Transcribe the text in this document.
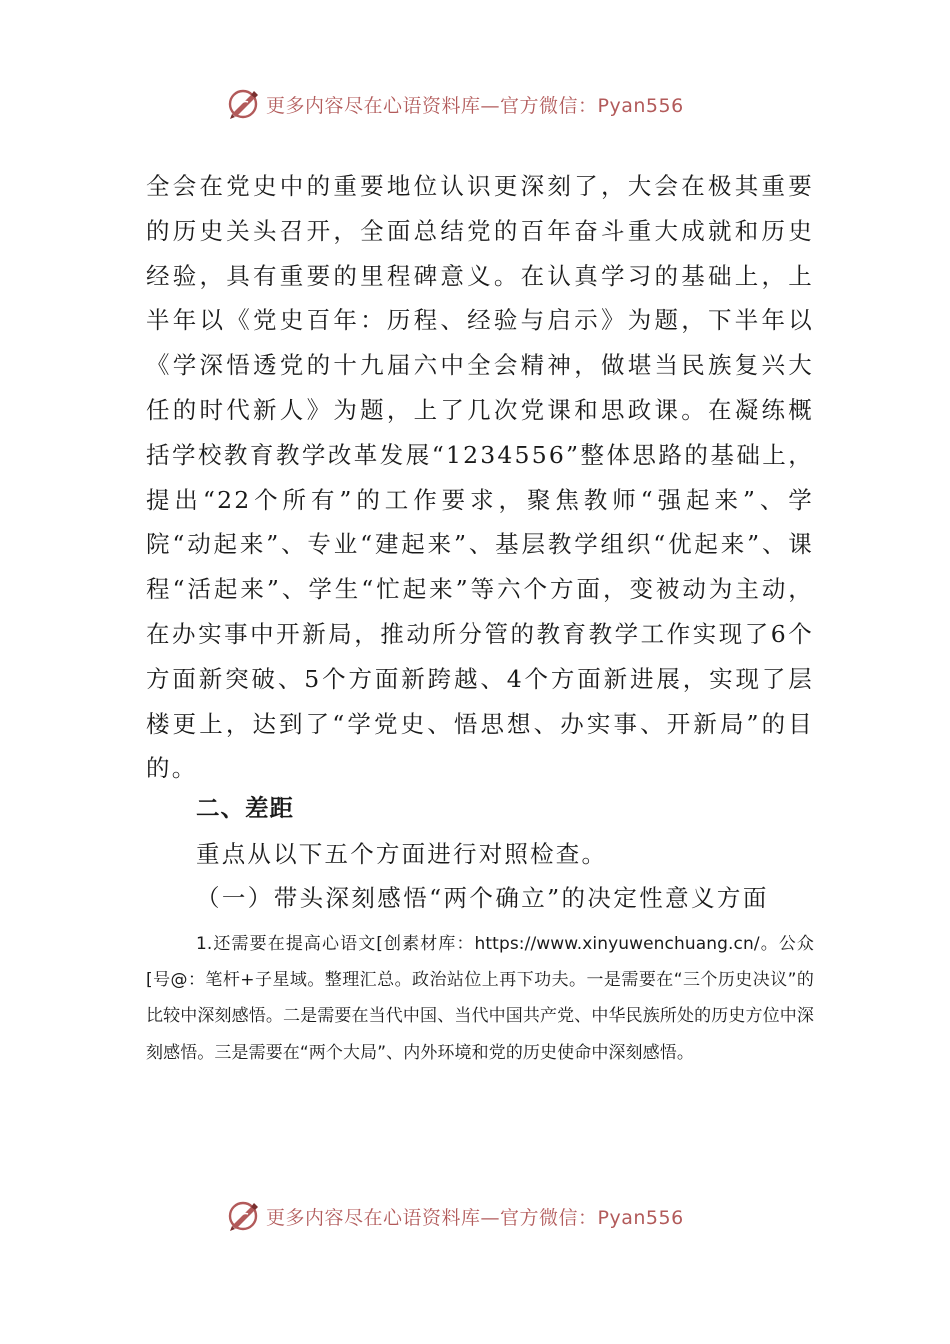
更多内容尽在心语资料库—官方微信：Pyan556

全会在党史中的重要地位认识更深刻了，大会在极其重要的历史关头召开，全面总结党的百年奋斗重大成就和历史经验，具有重要的里程碑意义。在认真学习的基础上，上半年以《党史百年：历程、经验与启示》为题，下半年以《学深悟透党的十九届六中全会精神，做堪当民族复兴大任的时代新人》为题，上了几次党课和思政课。在凝练概括学校教育教学改革发展“1234556”整体思路的基础上，提出“22个所有”的工作要求，聚焦教师“强起来”、学院“动起来”、专业“建起来”、基层教学组织“优起来”、课程“活起来”、学生“忙起来”等六个方面，变被动为主动，在办实事中开新局，推动所分管的教育教学工作实现了6个方面新突破、5个方面新跨越、4个方面新进展，实现了层楼更上，达到了“学党史、悟思想、办实事、开新局”的目的。

二、差距

重点从以下五个方面进行对照检查。

（一）带头深刻感悟“两个确立”的决定性意义方面

1.还需要在提高心语文[创素材库：https://www.xinyuwenchuang.cn/。公众[号@：笔杆+子星域。整理汇总。政治站位上再下功夫。一是需要在“三个历史决议”的比较中深刻感悟。二是需要在当代中国、当代中国共产党、中华民族所处的历史方位中深刻感悟。三是需要在“两个大局”、内外环境和党的历史使命中深刻感悟。

更多内容尽在心语资料库—官方微信：Pyan556
